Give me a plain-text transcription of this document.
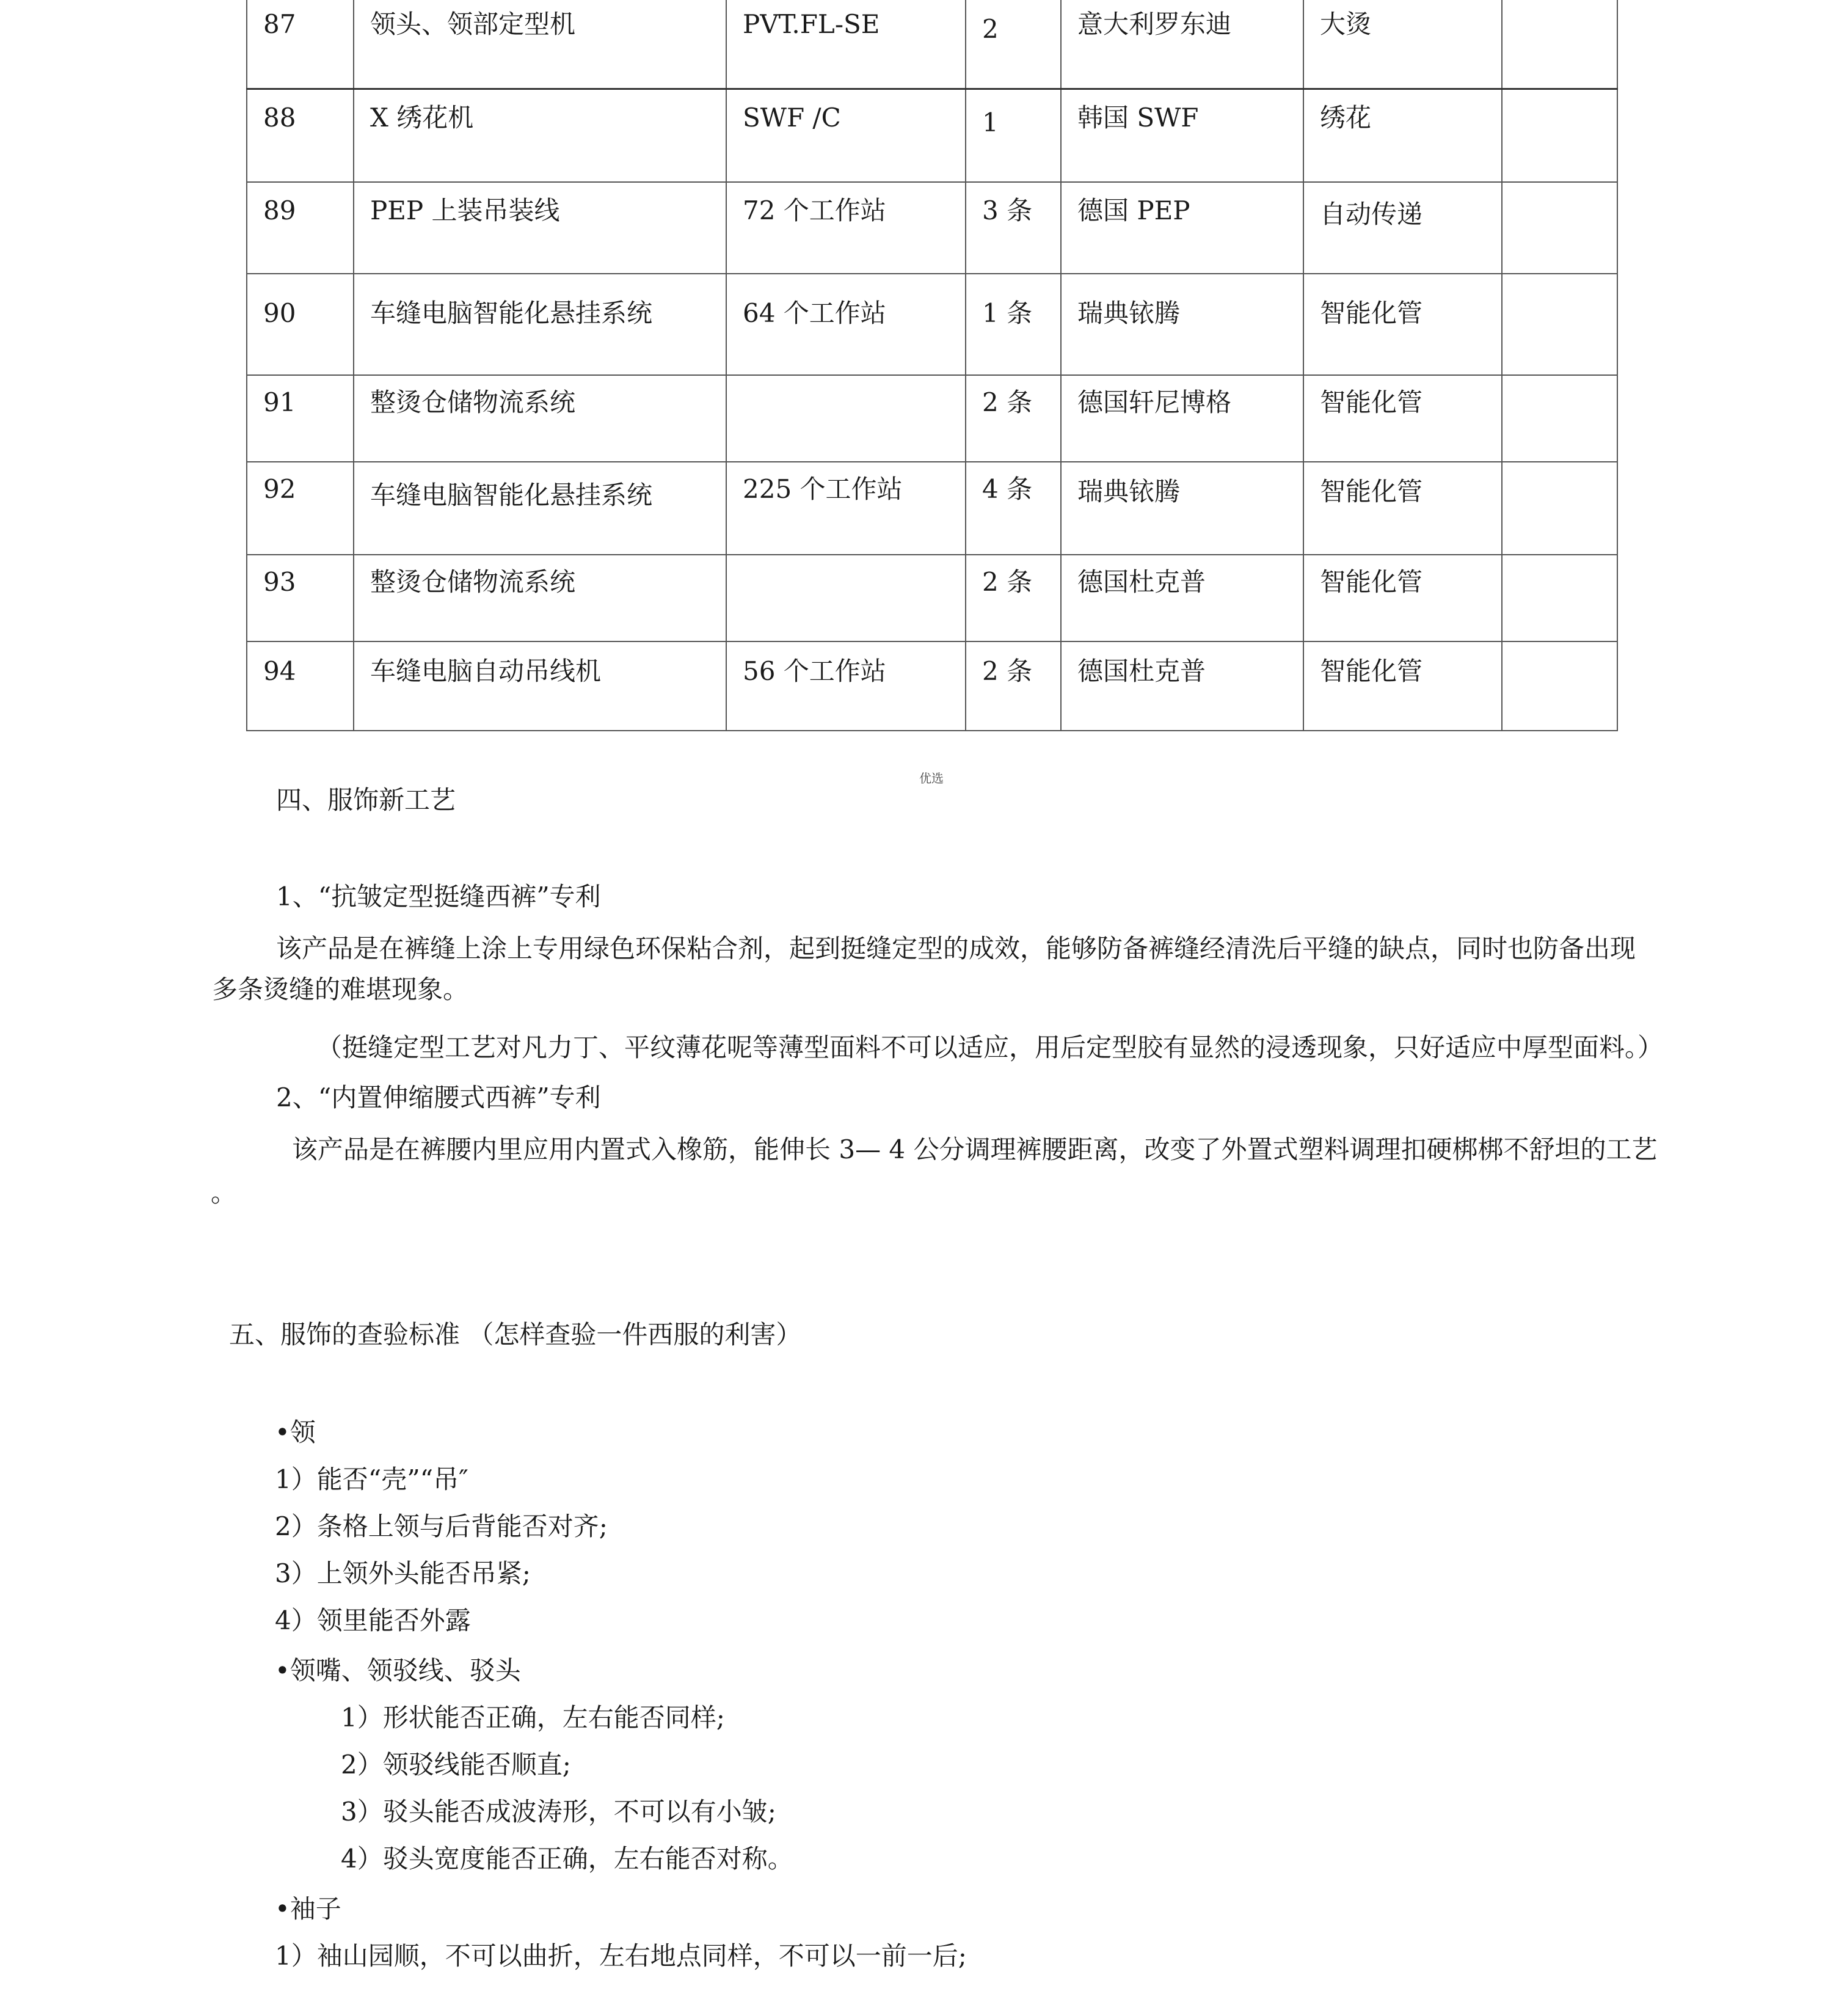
87	领头、领部定型机	PVT.FL-SE	2	意大利罗东迪	大烫	
88	X 绣花机	SWF /C	1	韩国 SWF	绣花	
89	PEP 上装吊装线	72 个工作站	3 条	德国 PEP	自动传递	
90	车缝电脑智能化悬挂系统	64 个工作站	1 条	瑞典铱腾	智能化管	
91	整烫仓储物流系统		2 条	德国轩尼博格	智能化管	
92	车缝电脑智能化悬挂系统	225 个工作站	4 条	瑞典铱腾	智能化管	
93	整烫仓储物流系统		2 条	德国杜克普	智能化管	
94	车缝电脑自动吊线机	56 个工作站	2 条	德国杜克普	智能化管	
优选
四、服饰新工艺
1、“抗皱定型挺缝西裤”专利
该产品是在裤缝上涂上专用绿色环保粘合剂，起到挺缝定型的成效，能够防备裤缝经清洗后平缝的缺点，同时也防备出现
多条烫缝的难堪现象。
（挺缝定型工艺对凡力丁、平纹薄花呢等薄型面料不可以适应，用后定型胶有显然的浸透现象，只好适应中厚型面料。）
2、“内置伸缩腰式西裤”专利
该产品是在裤腰内里应用内置式入橡筋，能伸长 3— 4 公分调理裤腰距离，改变了外置式塑料调理扣硬梆梆不舒坦的工艺
。
五、服饰的查验标准 （怎样查验一件西服的利害）
•领
1）能否“壳”“吊″
2）条格上领与后背能否对齐;
3）上领外头能否吊紧;
4）领里能否外露
•领嘴、领驳线、驳头
1）形状能否正确，左右能否同样;
2）领驳线能否顺直;
3）驳头能否成波涛形，不可以有小皱;
4）驳头宽度能否正确，左右能否对称。
•袖子
1）袖山园顺，不可以曲折，左右地点同样，不可以一前一后;
